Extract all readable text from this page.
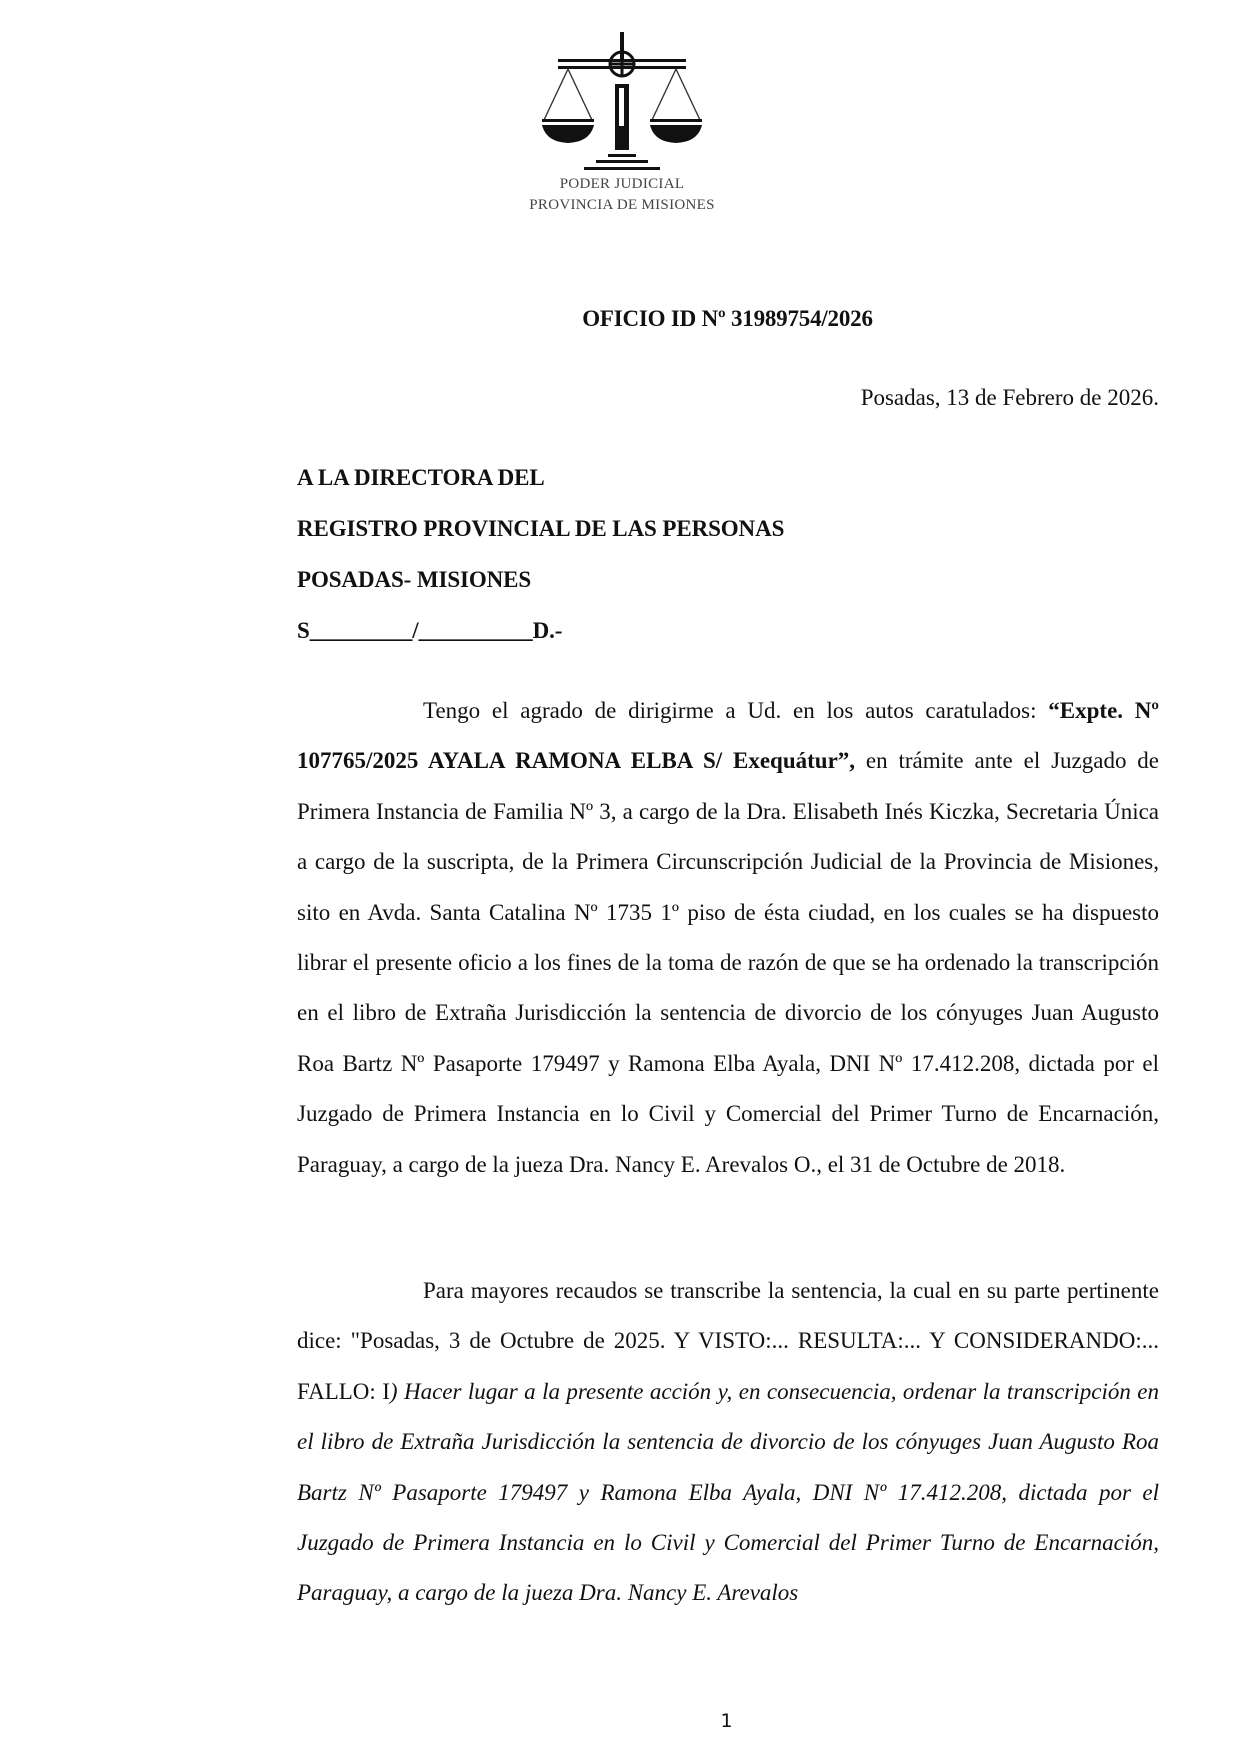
PODER JUDICIAL
PROVINCIA DE MISIONES
OFICIO ID Nº 31989754/2026
Posadas, 13 de Febrero de 2026.
A LA DIRECTORA DEL
REGISTRO PROVINCIAL DE LAS PERSONAS
POSADAS- MISIONES
S_________/__________D.-

Tengo el agrado de dirigirme a Ud. en los autos caratulados: “Expte. Nº 107765/2025 AYALA RAMONA ELBA S/ Exequátur”, en trámite ante el Juzgado de Primera Instancia de Familia Nº 3, a cargo de la Dra. Elisabeth Inés Kiczka, Secretaria Única a cargo de la suscripta, de la Primera Circunscripción Judicial de la Provincia de Misiones, sito en Avda. Santa Catalina Nº 1735 1º piso de ésta ciudad, en los cuales se ha dispuesto librar el presente oficio a los fines de la toma de razón de que se ha ordenado la transcripción en el libro de Extraña Jurisdicción la sentencia de divorcio de los cónyuges Juan Augusto Roa Bartz Nº Pasaporte 179497 y Ramona Elba Ayala, DNI Nº 17.412.208, dictada por el Juzgado de Primera Instancia en lo Civil y Comercial del Primer Turno de Encarnación, Paraguay, a cargo de la jueza Dra. Nancy E. Arevalos O., el 31 de Octubre de 2018.

Para mayores recaudos se transcribe la sentencia, la cual en su parte pertinente dice: "Posadas, 3 de Octubre de 2025. Y VISTO:... RESULTA:... Y CONSIDERANDO:... FALLO: I) Hacer lugar a la presente acción y, en consecuencia, ordenar la transcripción en el libro de Extraña Jurisdicción la sentencia de divorcio de los cónyuges Juan Augusto Roa Bartz Nº Pasaporte 179497 y Ramona Elba Ayala, DNI Nº 17.412.208, dictada por el Juzgado de Primera Instancia en lo Civil y Comercial del Primer Turno de Encarnación, Paraguay, a cargo de la jueza Dra. Nancy E. Arevalos

1
